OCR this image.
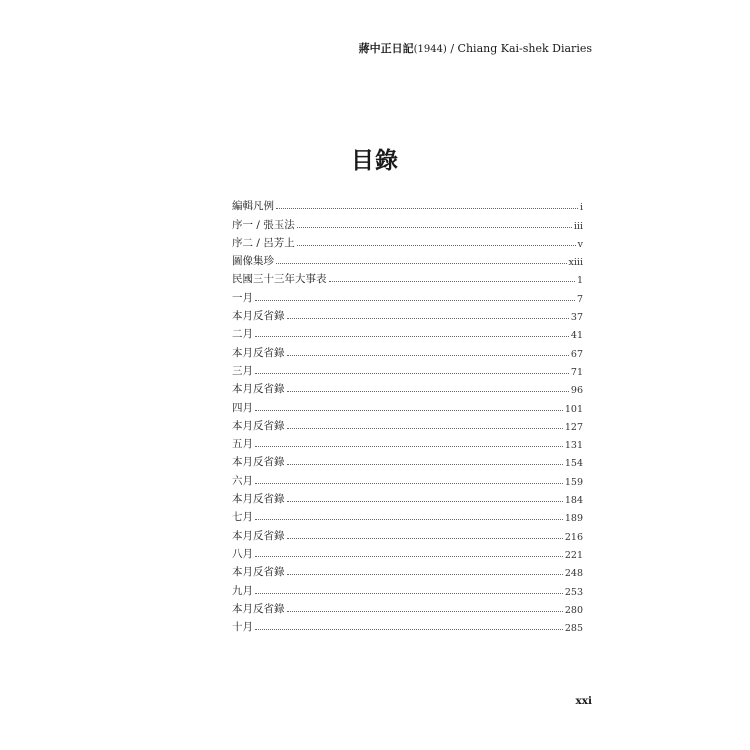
蔣中正日記(1944) / Chiang Kai-shek Diaries
目錄
編輯凡例	i
序一 / 張玉法	iii
序二 / 呂芳上	v
圖像集珍	xiii
民國三十三年大事表	1
一月	7
本月反省錄	37
二月	41
本月反省錄	67
三月	71
本月反省錄	96
四月	101
本月反省錄	127
五月	131
本月反省錄	154
六月	159
本月反省錄	184
七月	189
本月反省錄	216
八月	221
本月反省錄	248
九月	253
本月反省錄	280
十月	285
xxi
